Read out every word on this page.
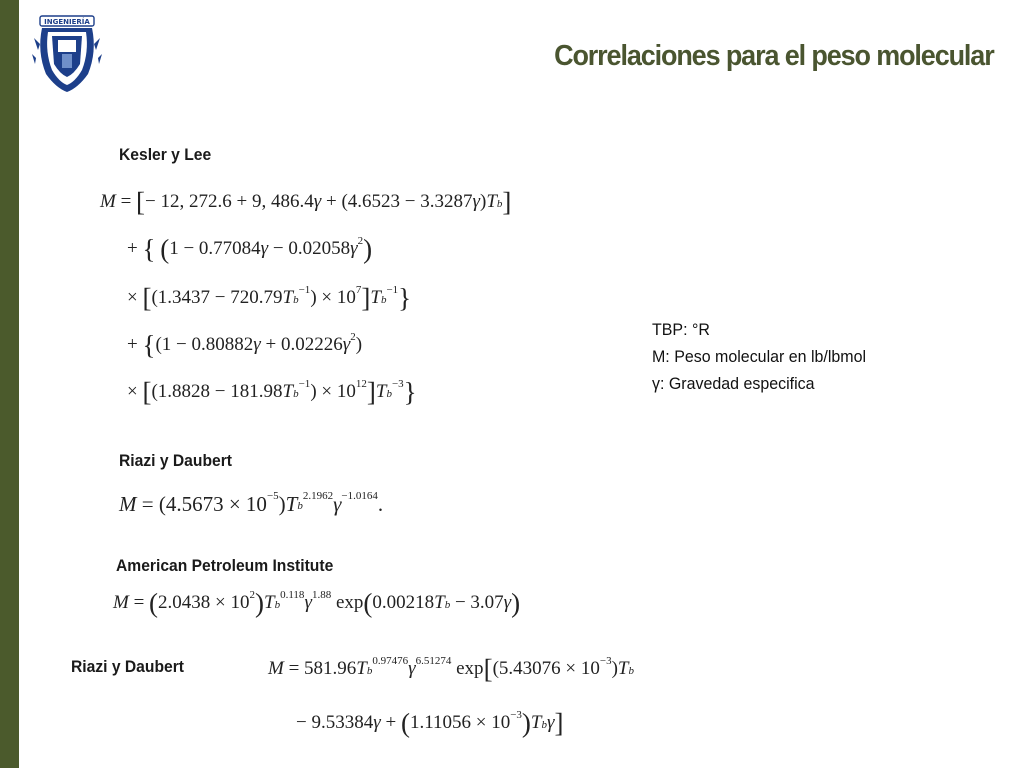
INGENIERÍA
Correlaciones para el peso molecular
Kesler y Lee
M = [− 12, 272.6 + 9, $486.4\gamma + (4.6523 - 3.3287\gamma)T_b$]
+ { $(1 - 0.77084\gamma - 0.02058\gamma^2)$
× $[(1.3437 - 720.79T_b^{-1}) \times 10^7]T_b^{-1}$}
+ {$(1 - 0.80882\gamma + 0.02226\gamma^2)$
× $[(1.8828 - 181.98T_b^{-1}) \times 10^{12}]T_b^{-3}$}
TBP: °R
M: Peso molecular en lb/lbmol
γ: Gravedad especifica
Riazi y Daubert
$M = (4.5673 \times 10^{-5})T_b^{2.1962}\gamma^{-1.0164}$.
American Petroleum Institute
$M = (2.0438 \times 10^2)T_b^{0.118}\gamma^{1.88}$ $\exp(0.00218T_b - 3.07\gamma)$
Riazi y Daubert	$M = 581.96T_b^{0.97476}\gamma^{6.51274}$ $\exp[(5.43076 \times 10^{-3})T_b$
− $9.53384\gamma + (1.11056 \times 10^{-3})T_b\gamma$]
